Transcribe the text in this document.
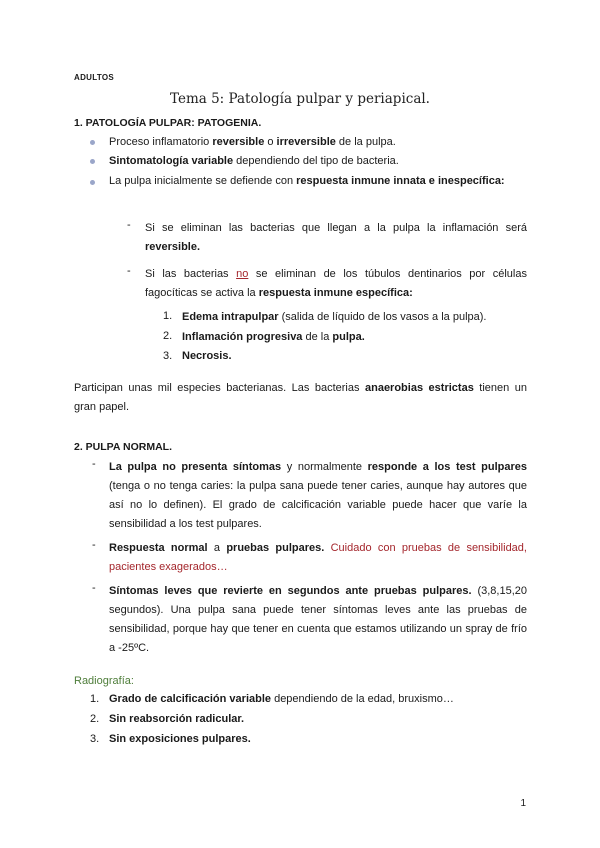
ADULTOS
Tema 5: Patología pulpar y periapical.
1. PATOLOGÍA PULPAR: PATOGENIA.
Proceso inflamatorio reversible o irreversible de la pulpa.
Sintomatología variable dependiendo del tipo de bacteria.
La pulpa inicialmente se defiende con respuesta inmune innata e inespecífica:
- Si se eliminan las bacterias que llegan a la pulpa la inflamación será reversible.
- Si las bacterias no se eliminan de los túbulos dentinarios por células fagocíticas se activa la respuesta inmune específica:
1. Edema intrapulpar (salida de líquido de los vasos a la pulpa).
2. Inflamación progresiva de la pulpa.
3. Necrosis.
Participan unas mil especies bacterianas. Las bacterias anaerobias estrictas tienen un gran papel.
2. PULPA NORMAL.
- La pulpa no presenta síntomas y normalmente responde a los test pulpares (tenga o no tenga caries: la pulpa sana puede tener caries, aunque hay autores que así no lo definen). El grado de calcificación variable puede hacer que varíe la sensibilidad a los test pulpares.
- Respuesta normal a pruebas pulpares. Cuidado con pruebas de sensibilidad, pacientes exagerados…
- Síntomas leves que revierte en segundos ante pruebas pulpares. (3,8,15,20 segundos). Una pulpa sana puede tener síntomas leves ante las pruebas de sensibilidad, porque hay que tener en cuenta que estamos utilizando un spray de frío a -25ºC.
Radiografía:
1. Grado de calcificación variable dependiendo de la edad, bruxismo…
2. Sin reabsorción radicular.
3. Sin exposiciones pulpares.
1
